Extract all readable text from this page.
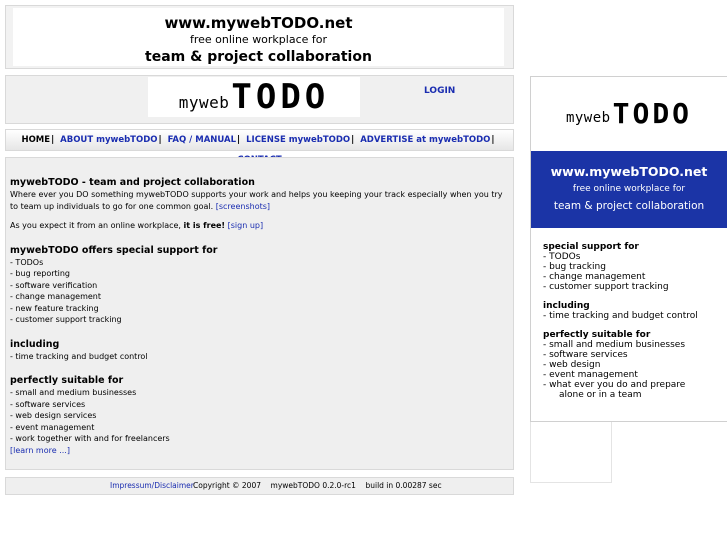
www.mywebTODO.net
free online workplace for
team & project collaboration
myweb TODO	LOGIN
HOME| ABOUT mywebTODO| FAQ / MANUAL| LICENSE mywebTODO| ADVERTISE at mywebTODO|
mywebTODO - team and project collaboration
Where ever you DO something mywebTODO supports your work and helps you keeping your track especially when you try to team up individuals to go for one common goal. [screenshots]
As you expect it from an online workplace, it is free! [sign up]
mywebTODO offers special support for
- TODOs
- bug reporting
- software verification
- change management
- new feature tracking
- customer support tracking
including
- time tracking and budget control
perfectly suitable for
- small and medium businesses
- software services
- web design services
- event management
- work together with and for freelancers
[learn more ...]
Impressum/Disclaimer Copyright © 2007    mywebTODO 0.2.0-rc1    build in 0.00287 sec
myweb TODO
www.mywebTODO.net
free online workplace for
team & project collaboration
special support for
- TODOs
- bug tracking
- change management
- customer support tracking
including
- time tracking and budget control
perfectly suitable for
- small and medium businesses
- software services
- web design
- event management
- what ever you do and prepare
alone or in a team
